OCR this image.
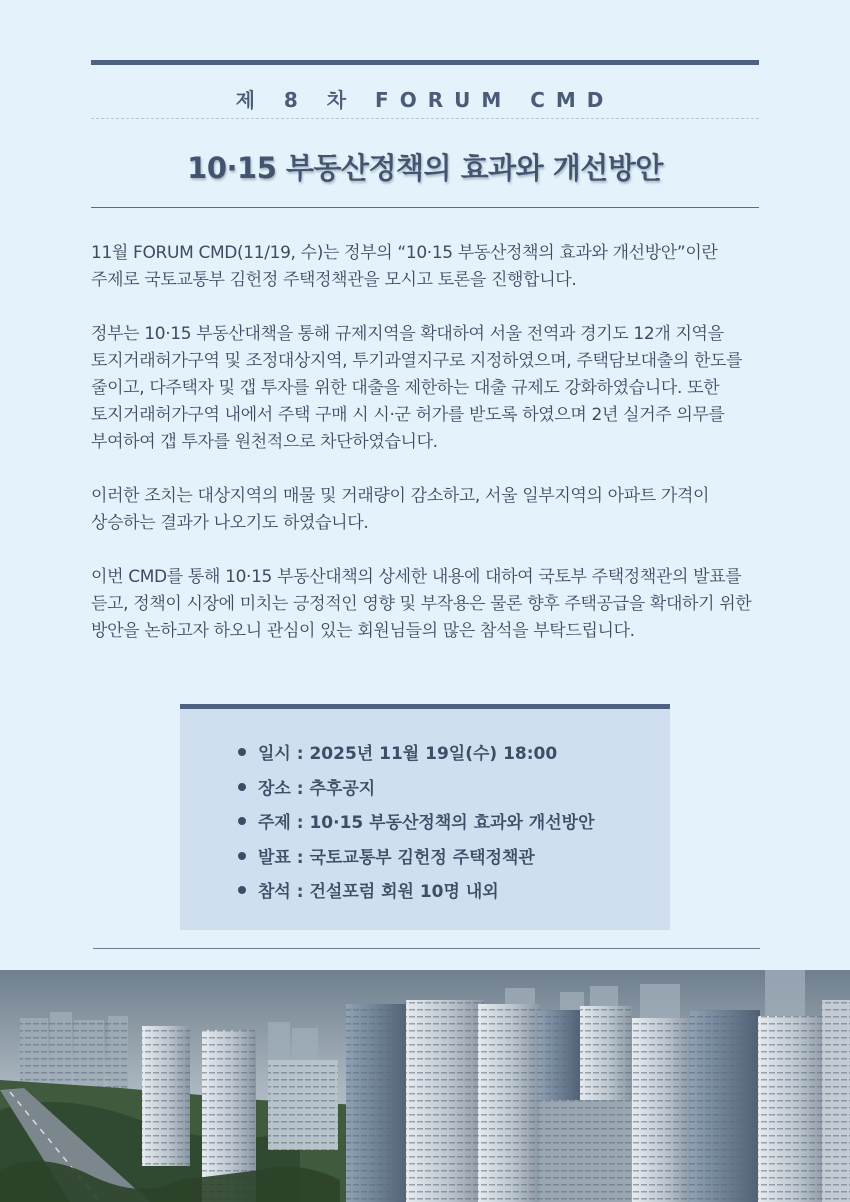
제 8 차 FORUM CMD
10·15 부동산정책의 효과와 개선방안

11월 FORUM CMD(11/19, 수)는 정부의 “10·15 부동산정책의 효과와 개선방안”이란 주제로 국토교통부 김헌정 주택정책관을 모시고 토론을 진행합니다.

정부는 10·15 부동산대책을 통해 규제지역을 확대하여 서울 전역과 경기도 12개 지역을 토지거래허가구역 및 조정대상지역, 투기과열지구로 지정하였으며, 주택담보대출의 한도를 줄이고, 다주택자 및 갭 투자를 위한 대출을 제한하는 대출 규제도 강화하였습니다. 또한 토지거래허가구역 내에서 주택 구매 시 시·군 허가를 받도록 하였으며 2년 실거주 의무를 부여하여 갭 투자를 원천적으로 차단하였습니다.

이러한 조치는 대상지역의 매물 및 거래량이 감소하고, 서울 일부지역의 아파트 가격이 상승하는 결과가 나오기도 하였습니다.

이번 CMD를 통해 10·15 부동산대책의 상세한 내용에 대하여 국토부 주택정책관의 발표를 듣고, 정책이 시장에 미치는 긍정적인 영향 및 부작용은 물론 향후 주택공급을 확대하기 위한 방안을 논하고자 하오니 관심이 있는 회원님들의 많은 참석을 부탁드립니다.

일시 : 2025년 11월 19일(수) 18:00
장소 : 추후공지
주제 : 10·15 부동산정책의 효과와 개선방안
발표 : 국토교통부 김헌정 주택정책관
참석 : 건설포럼 회원 10명 내외
